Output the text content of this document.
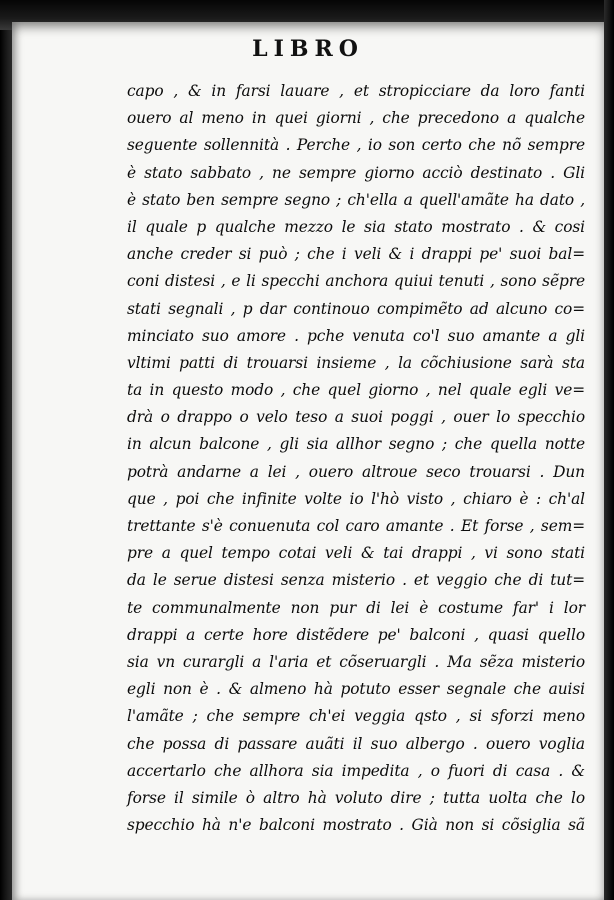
LIBRO
capo , & in farsi lauare , et stropicciare da loro fanti
ouero al meno in quei giorni , che precedono a qualche
seguente sollennità . Perche , io son certo che nõ sempre
è stato sabbato , ne sempre giorno acciò destinato . Gli
è stato ben sempre segno ; ch'ella a quell'amãte ha dato ,
il quale p qualche mezzo le sia stato mostrato . & cosi
anche creder si può ; che i veli & i drappi pe' suoi bal=
coni distesi , e li specchi anchora quiui tenuti , sono sẽpre
stati segnali , p dar continouo compimẽto ad alcuno co=
minciato suo amore . pche venuta co'l suo amante a gli
vltimi patti di trouarsi insieme , la cõchiusione sarà sta
ta in questo modo , che quel giorno , nel quale egli ve=
drà o drappo o velo teso a suoi poggi , ouer lo specchio
in alcun balcone , gli sia allhor segno ; che quella notte
potrà andarne a lei , ouero altroue seco trouarsi . Dun
que , poi che infinite volte io l'hò visto , chiaro è : ch'al
trettante s'è conuenuta col caro amante . Et forse , sem=
pre a quel tempo cotai veli & tai drappi , vi sono stati
da le serue distesi senza misterio . et veggio che di tut=
te communalmente non pur di lei è costume far' i lor
drappi a certe hore distẽdere pe' balconi , quasi quello
sia vn curargli a l'aria et cõseruargli . Ma sẽza misterio
egli non è . & almeno hà potuto esser segnale che auisi
l'amãte ; che sempre ch'ei veggia qsto , si sforzi meno
che possa di passare auãti il suo albergo . ouero voglia
accertarlo che allhora sia impedita , o fuori di casa . &
forse il simile ò altro hà voluto dire ; tutta uolta che lo
specchio hà n'e balconi mostrato . Già non si cõsiglia sã
